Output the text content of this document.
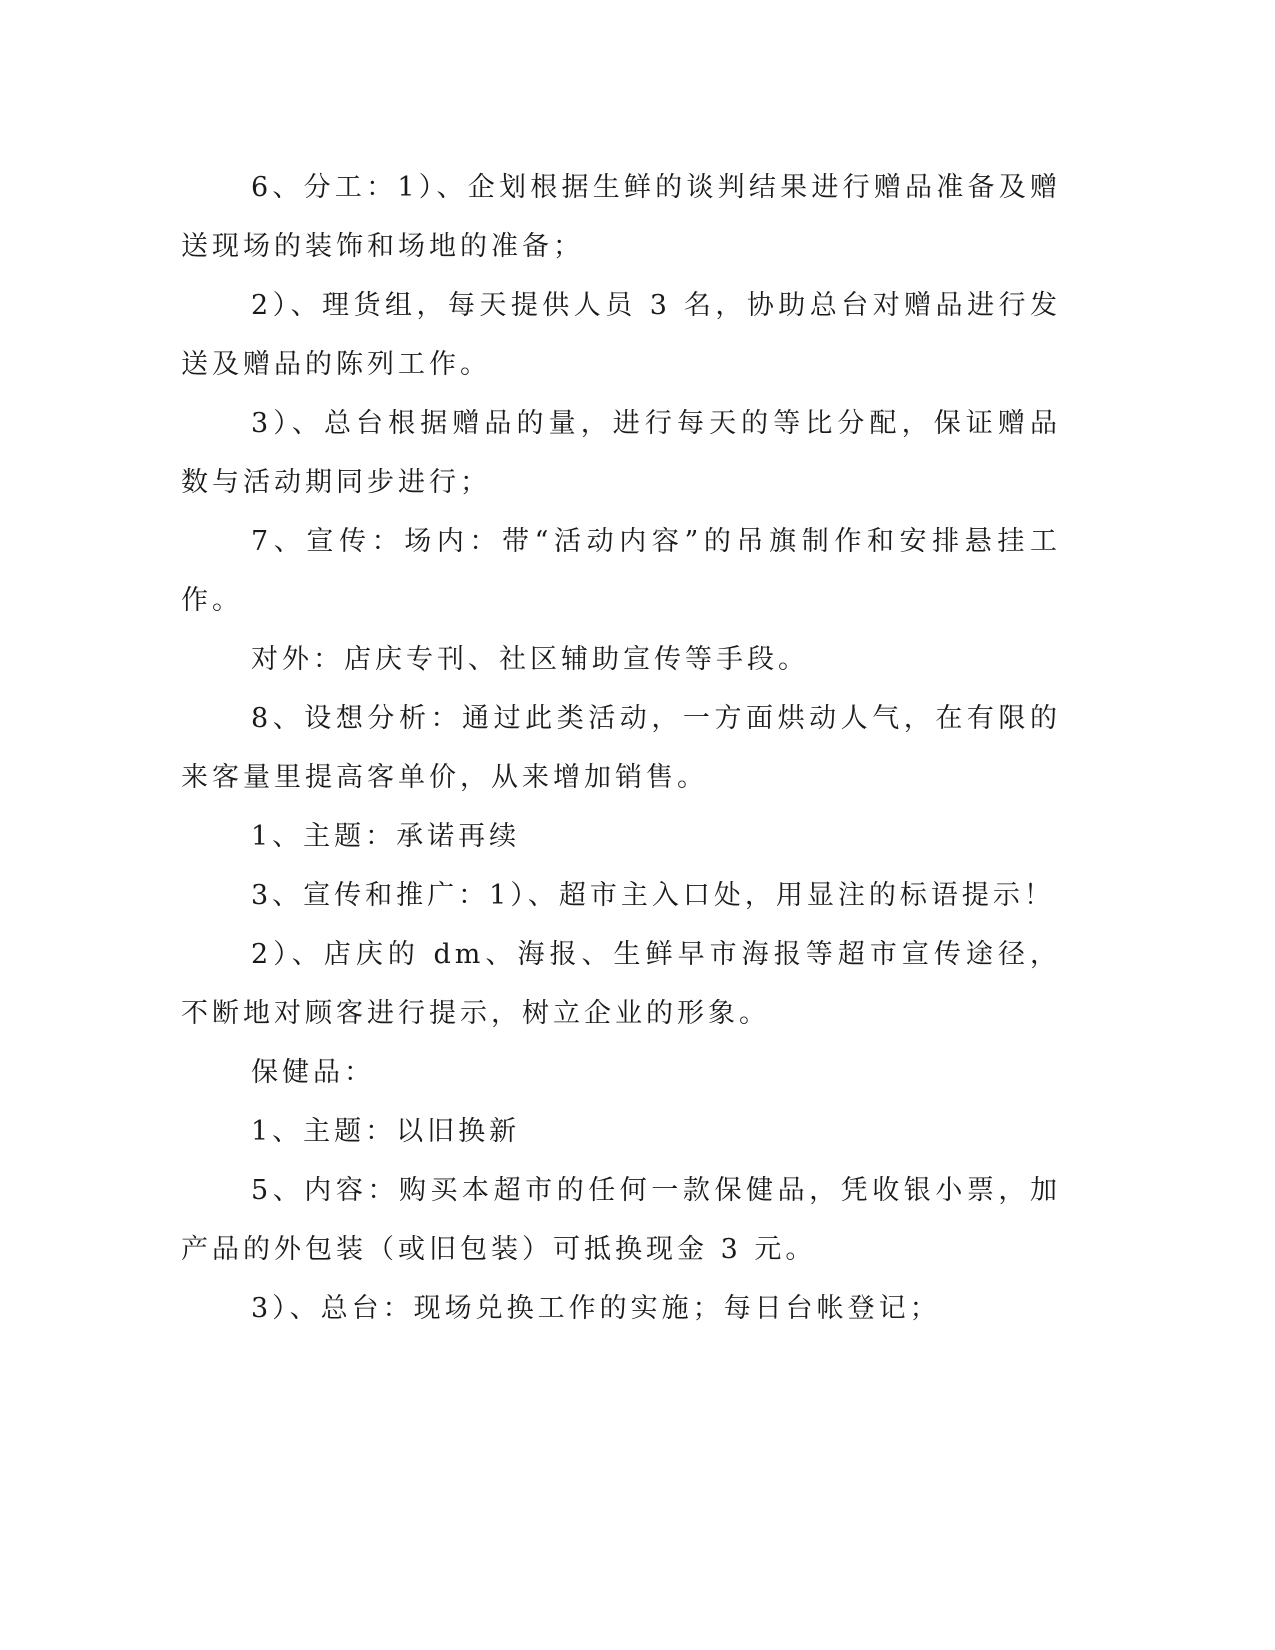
6、分工：1）、企划根据生鲜的谈判结果进行赠品准备及赠送现场的装饰和场地的准备；

2）、理货组，每天提供人员 3 名，协助总台对赠品进行发送及赠品的陈列工作。

3）、总台根据赠品的量，进行每天的等比分配，保证赠品数与活动期同步进行；

7、宣传：场内：带“活动内容”的吊旗制作和安排悬挂工作。

对外：店庆专刊、社区辅助宣传等手段。

8、设想分析：通过此类活动，一方面烘动人气，在有限的来客量里提高客单价，从来增加销售。

1、主题：承诺再续

3、宣传和推广：1）、超市主入口处，用显注的标语提示！

2）、店庆的 dm、海报、生鲜早市海报等超市宣传途径，不断地对顾客进行提示，树立企业的形象。

保健品：

1、主题：以旧换新

5、内容：购买本超市的任何一款保健品，凭收银小票，加产品的外包装（或旧包装）可抵换现金 3 元。

3）、总台：现场兑换工作的实施；每日台帐登记；
